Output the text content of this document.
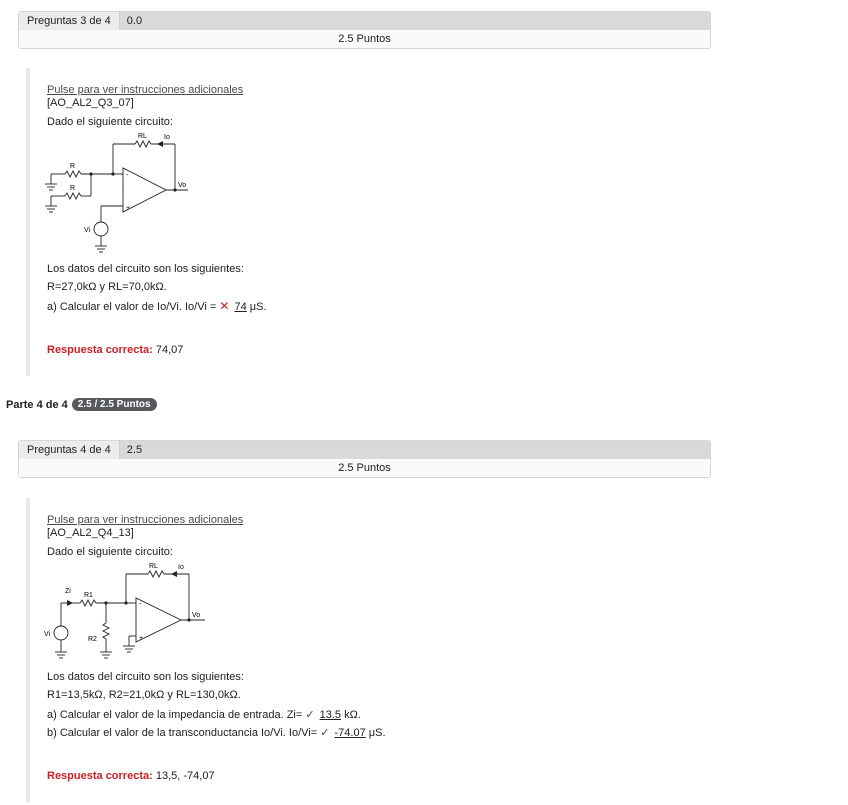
Preguntas 3 de 4	0.0
2.5 Puntos
Pulse para ver instrucciones adicionales
[AO_AL2_Q3_07]
Dado el siguiente circuito:
RL Io
R
R	Vo
Vi
-
+
Los datos del circuito son los siguientes:
R=27,0kΩ y RL=70,0kΩ.
a) Calcular el valor de Io/Vi. Io/Vi = ✕ 74 μS.
Respuesta correcta: 74,07
Parte 4 de 4	2.5 / 2.5 Puntos
Preguntas 4 de 4	2.5
2.5 Puntos
Pulse para ver instrucciones adicionales
[AO_AL2_Q4_13]
Dado el siguiente circuito:
RL	Io
Zi
R1
R2
Vo
Vi
-
+
Los datos del circuito son los siguientes:
R1=13,5kΩ, R2=21,0kΩ y RL=130,0kΩ.
a) Calcular el valor de la impedancia de entrada. Zi= ✓ 13.5 kΩ.
b) Calcular el valor de la transconductancia Io/Vi. Io/Vi= ✓ -74.07 μS.
Respuesta correcta: 13,5, -74,07
